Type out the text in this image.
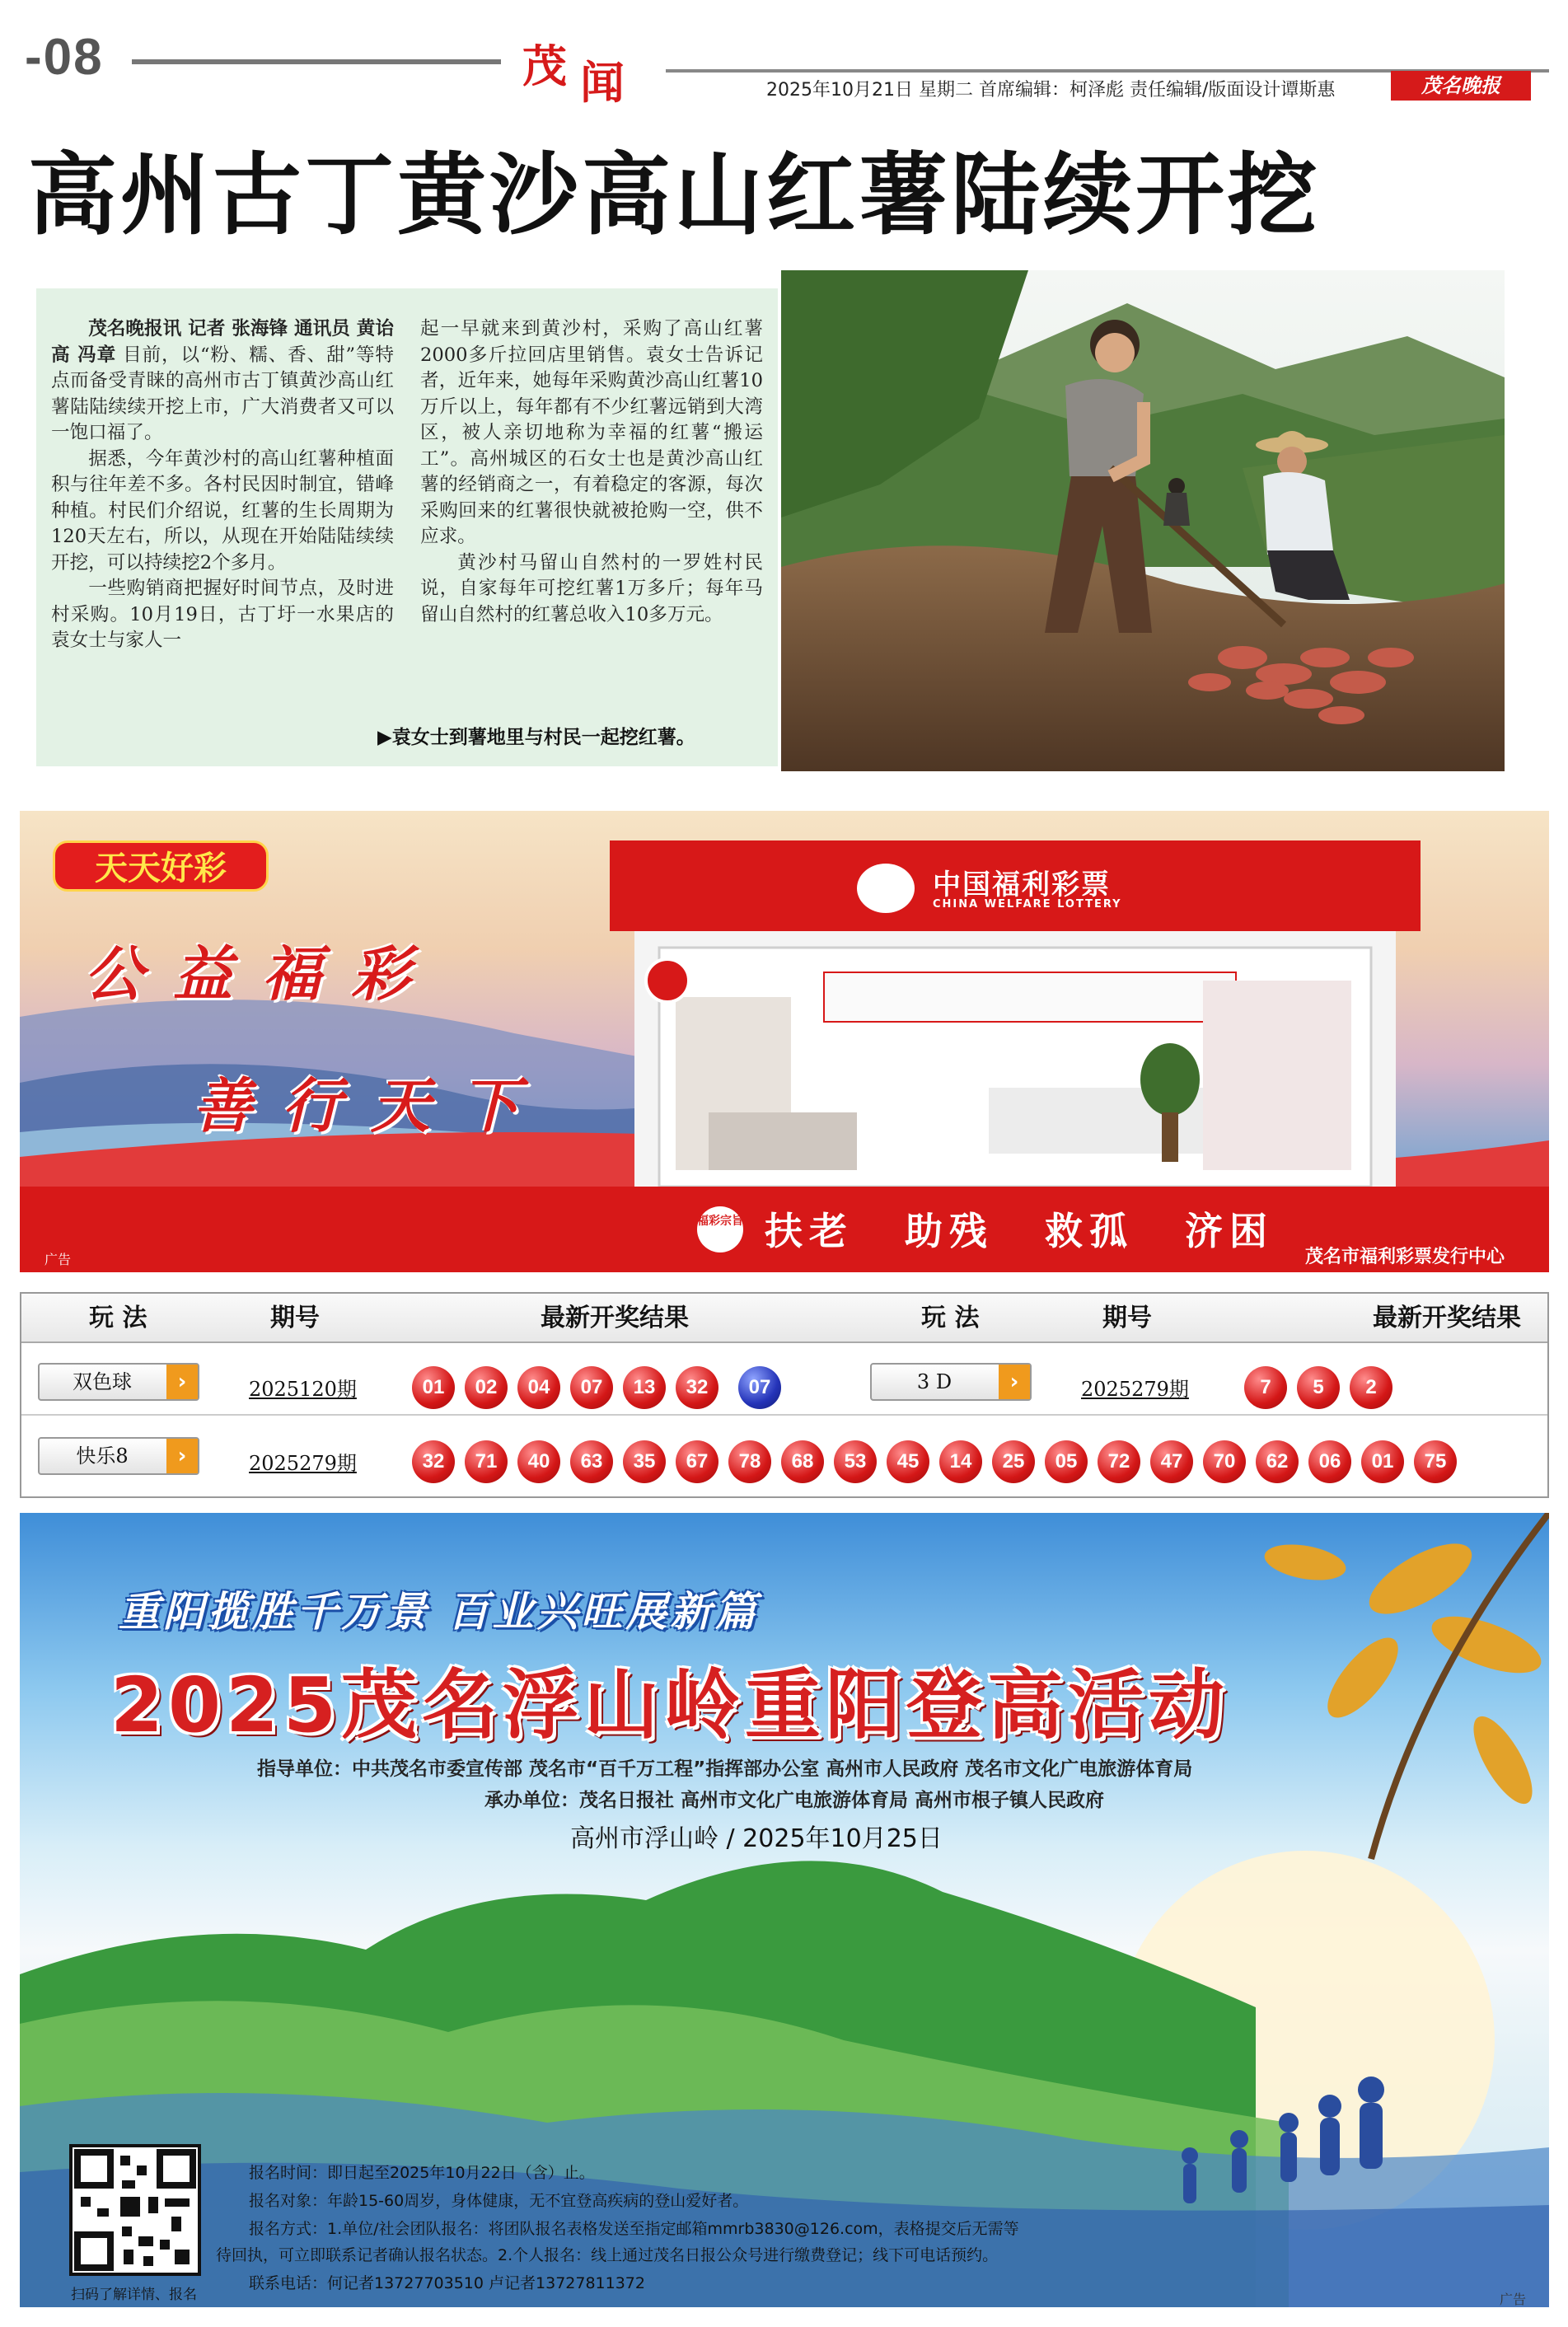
-08	茂 闻	2025年10月21日 星期二 首席编辑：柯泽彪 责任编辑/版面设计谭斯惠	茂名晚报
高州古丁黄沙高山红薯陆续开挖

茂名晚报讯 记者 张海锋 通讯员 黄诒高 冯章 目前，以“粉、糯、香、甜”等特点而备受青睐的高州市古丁镇黄沙高山红薯陆陆续续开挖上市，广大消费者又可以一饱口福了。

据悉，今年黄沙村的高山红薯种植面积与往年差不多。各村民因时制宜，错峰种植。村民们介绍说，红薯的生长周期为120天左右，所以，从现在开始陆陆续续开挖，可以持续挖2个多月。

一些购销商把握好时间节点，及时进村采购。10月19日，古丁圩一水果店的袁女士与家人一

起一早就来到黄沙村，采购了高山红薯2000多斤拉回店里销售。袁女士告诉记者，近年来，她每年采购黄沙高山红薯10万斤以上，每年都有不少红薯远销到大湾区，被人亲切地称为幸福的红薯“搬运工”。高州城区的石女士也是黄沙高山红薯的经销商之一，有着稳定的客源，每次采购回来的红薯很快就被抢购一空，供不应求。

黄沙村马留山自然村的一罗姓村民说，自家每年可挖红薯1万多斤；每年马留山自然村的红薯总收入10多万元。

▶袁女士到薯地里与村民一起挖红薯。
天天好彩
公益福彩
善行天下
中国福利彩票
CHINA WELFARE LOTTERY
福彩宗旨 扶老 助残 救孤 济困
广告	茂名市福利彩票发行中心
玩 法	期号	最新开奖结果	玩 法	期号	最新开奖结果
双色球	›	2025120期	01	02	04	07	13	32	07	3 D	›	2025279期	7	5	2
快乐8	›	2025279期	32	71	40	63	35	67	78	68	53	45	14	25	05	72	47	70	62	06	01	75
重阳揽胜千万景 百业兴旺展新篇
2025茂名浮山岭重阳登高活动
指导单位：中共茂名市委宣传部 茂名市“百千万工程”指挥部办公室 高州市人民政府 茂名市文化广电旅游体育局
承办单位：茂名日报社 高州市文化广电旅游体育局 高州市根子镇人民政府
高州市浮山岭 / 2025年10月25日
扫码了解详情、报名
报名时间：即日起至2025年10月22日（含）止。
报名对象：年龄15-60周岁，身体健康，无不宜登高疾病的登山爱好者。
报名方式：1.单位/社会团队报名：将团队报名表格发送至指定邮箱mmrb3830@126.com，表格提交后无需等
待回执，可立即联系记者确认报名状态。2.个人报名：线上通过茂名日报公众号进行缴费登记；线下可电话预约。
联系电话：何记者13727703510 卢记者13727811372
广告
